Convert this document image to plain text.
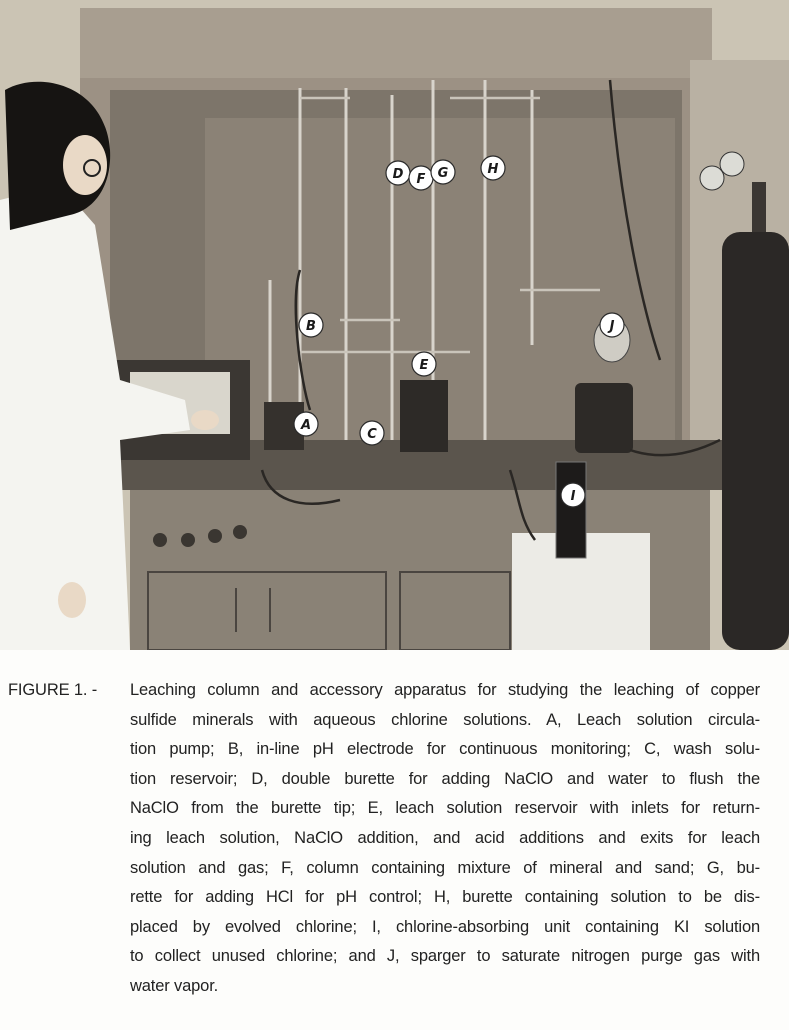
A
B
C
D
E
F G	H
I
J
FIGURE 1. -	Leaching column and accessory apparatus for studying the leaching of copper
sulfide minerals with aqueous chlorine solutions. A, Leach solution circula-
tion pump; B, in-line pH electrode for continuous monitoring; C, wash solu-
tion reservoir; D, double burette for adding NaClO and water to flush the
NaClO from the burette tip; E, leach solution reservoir with inlets for return-
ing leach solution, NaClO addition, and acid additions and exits for leach
solution and gas; F, column containing mixture of mineral and sand; G, bu-
rette for adding HCl for pH control; H, burette containing solution to be dis-
placed by evolved chlorine; I, chlorine-absorbing unit containing KI solution
to collect unused chlorine; and J, sparger to saturate nitrogen purge gas with
water vapor.
